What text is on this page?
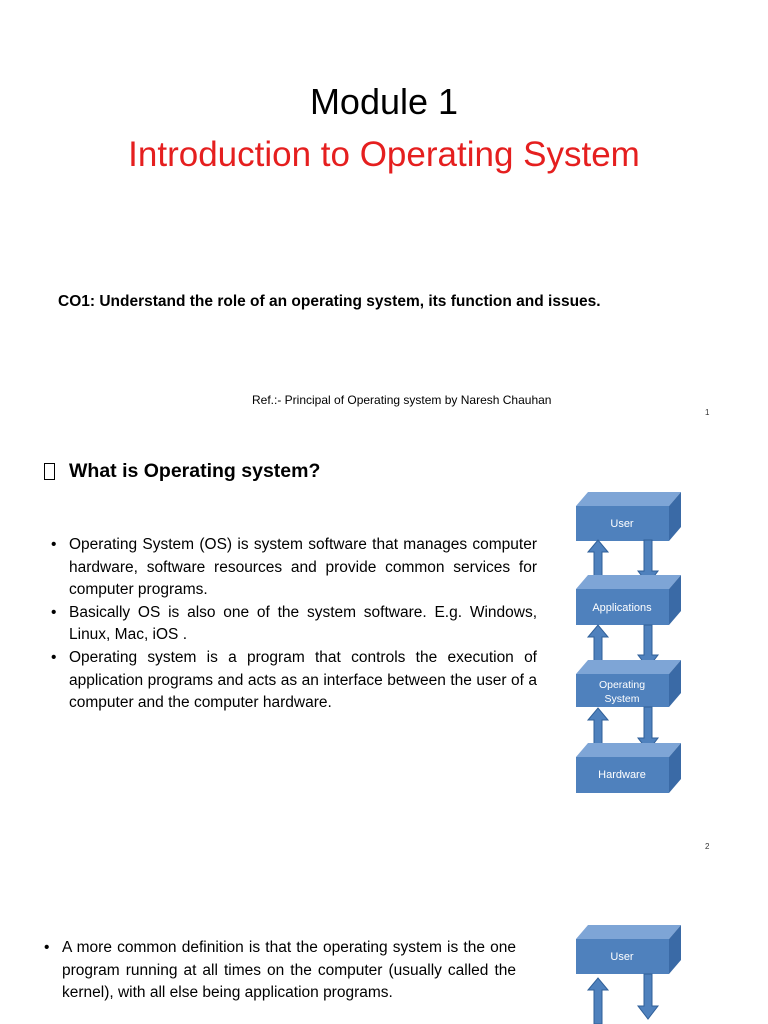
Module 1
Introduction to Operating System
CO1: Understand the role of an operating system, its function and issues.
Ref.:- Principal of Operating system by Naresh Chauhan
1
What is Operating system?
• Operating System (OS) is system software that manages computer hardware, software resources and provide common services for computer programs.
• Basically OS is also one of the system software. E.g. Windows, Linux, Mac, iOS .
• Operating system is a program that controls the execution of application programs and acts as an interface between the user of a computer and the computer hardware.
User
Applications
Operating
System
Hardware
2
• A more common definition is that the operating system is the one program running at all times on the computer (usually called the kernel), with all else being application programs.
User
